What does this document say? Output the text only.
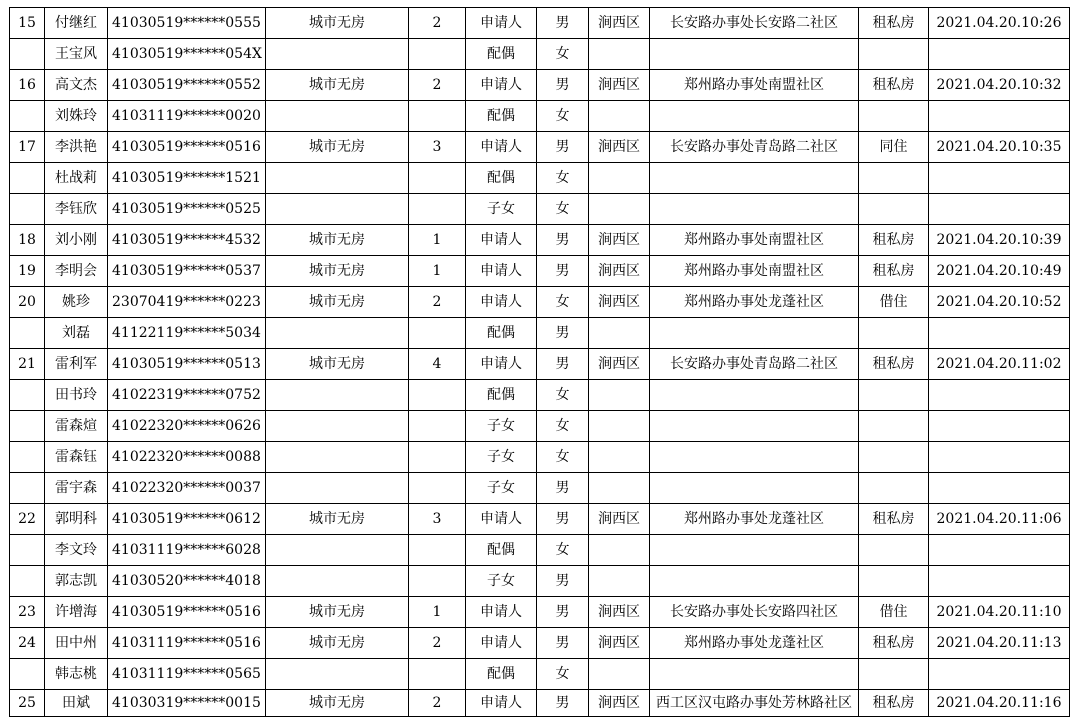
15	付继红	41030519******0555	城市无房	2	申请人	男	涧西区	长安路办事处长安路二社区	租私房	2021.04.20.10:26
	王宝风	41030519******054X			配偶	女				
16	高文杰	41030519******0552	城市无房	2	申请人	男	涧西区	郑州路办事处南盟社区	租私房	2021.04.20.10:32
	刘姝玲	41031119******0020			配偶	女				
17	李洪艳	41030519******0516	城市无房	3	申请人	男	涧西区	长安路办事处青岛路二社区	同住	2021.04.20.10:35
	杜战莉	41030519******1521			配偶	女				
	李钰欣	41030519******0525			子女	女				
18	刘小刚	41030519******4532	城市无房	1	申请人	男	涧西区	郑州路办事处南盟社区	租私房	2021.04.20.10:39
19	李明会	41030519******0537	城市无房	1	申请人	男	涧西区	郑州路办事处南盟社区	租私房	2021.04.20.10:49
20	姚珍	23070419******0223	城市无房	2	申请人	女	涧西区	郑州路办事处龙蓬社区	借住	2021.04.20.10:52
	刘磊	41122119******5034			配偶	男				
21	雷利军	41030519******0513	城市无房	4	申请人	男	涧西区	长安路办事处青岛路二社区	租私房	2021.04.20.11:02
	田书玲	41022319******0752			配偶	女				
	雷森煊	41022320******0626			子女	女				
	雷森钰	41022320******0088			子女	女				
	雷宇森	41022320******0037			子女	男				
22	郭明科	41030519******0612	城市无房	3	申请人	男	涧西区	郑州路办事处龙蓬社区	租私房	2021.04.20.11:06
	李文玲	41031119******6028			配偶	女				
	郭志凯	41030520******4018			子女	男				
23	许增海	41030519******0516	城市无房	1	申请人	男	涧西区	长安路办事处长安路四社区	借住	2021.04.20.11:10
24	田中州	41031119******0516	城市无房	2	申请人	男	涧西区	郑州路办事处龙蓬社区	租私房	2021.04.20.11:13
	韩志桃	41031119******0565			配偶	女				
25	田斌	41030319******0015	城市无房	2	申请人	男	涧西区	西工区汉屯路办事处芳林路社区	租私房	2021.04.20.11:16
